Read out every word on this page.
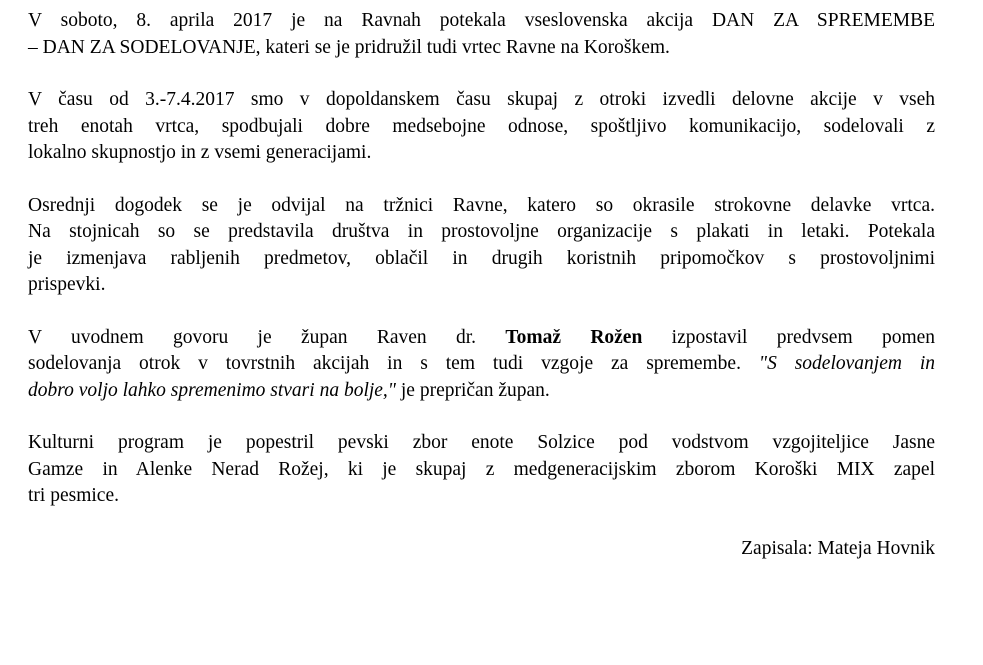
V soboto, 8. aprila 2017 je na Ravnah potekala vseslovenska akcija DAN ZA SPREMEMBE
– DAN ZA SODELOVANJE, kateri se je pridružil tudi vrtec Ravne na Koroškem.
V času od 3.-7.4.2017 smo v dopoldanskem času skupaj z otroki izvedli delovne akcije v vseh
treh enotah vrtca, spodbujali dobre medsebojne odnose, spoštljivo komunikacijo, sodelovali z
lokalno skupnostjo in z vsemi generacijami.
Osrednji dogodek se je odvijal na tržnici Ravne, katero so okrasile strokovne delavke vrtca.
Na stojnicah so se predstavila društva in prostovoljne organizacije s plakati in letaki. Potekala
je izmenjava rabljenih predmetov, oblačil in drugih koristnih pripomočkov s prostovoljnimi
prispevki.
V uvodnem govoru je župan Raven dr. Tomaž Rožen izpostavil predvsem pomen
sodelovanja otrok v tovrstnih akcijah in s tem tudi vzgoje za spremembe. "S sodelovanjem in
dobro voljo lahko spremenimo stvari na bolje," je prepričan župan.
Kulturni program je popestril pevski zbor enote Solzice pod vodstvom vzgojiteljice Jasne
Gamze in Alenke Nerad Rožej, ki je skupaj z medgeneracijskim zborom Koroški MIX zapel
tri pesmice.

Zapisala: Mateja Hovnik
